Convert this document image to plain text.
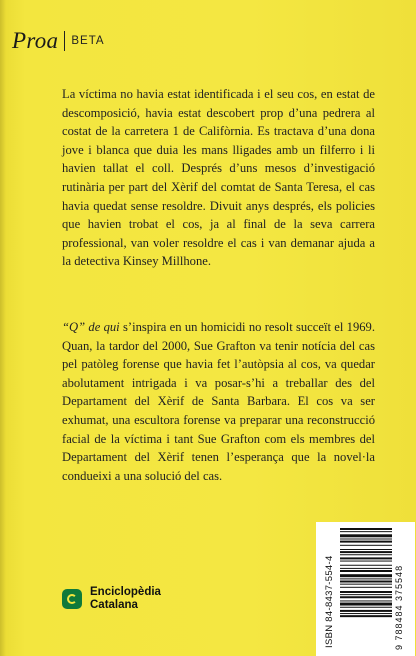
Proa BETA

La víctima no havia estat identificada i el seu cos, en estat de descomposició, havia estat descobert prop d’una pedrera al costat de la carretera 1 de Califòrnia. Es tractava d’una dona jove i blanca que duia les mans lligades amb un filferro i li havien tallat el coll. Després d’uns mesos d’investigació rutinària per part del Xèrif del comtat de Santa Teresa, el cas havia quedat sense resoldre. Divuit anys després, els policies que havien trobat el cos, ja al final de la seva carrera professional, van voler resoldre el cas i van demanar ajuda a la detectiva Kinsey Millhone.

“Q” de qui s’inspira en un homicidi no resolt succeït el 1969. Quan, la tardor del 2000, Sue Grafton va tenir notícia del cas pel patòleg forense que havia fet l’autòpsia al cos, va quedar abolutament intrigada i va posar-s’hi a treballar des del Departament del Xèrif de Santa Barbara. El cos va ser exhumat, una escultora forense va preparar una reconstrucció facial de la víctima i tant Sue Grafton com els membres del Departament del Xèrif tenen l’esperança que la novel·la condueixi a una solució del cas.

Enciclopèdia
Catalana	ISBN 84-8437-554-4	9 788484 375548
